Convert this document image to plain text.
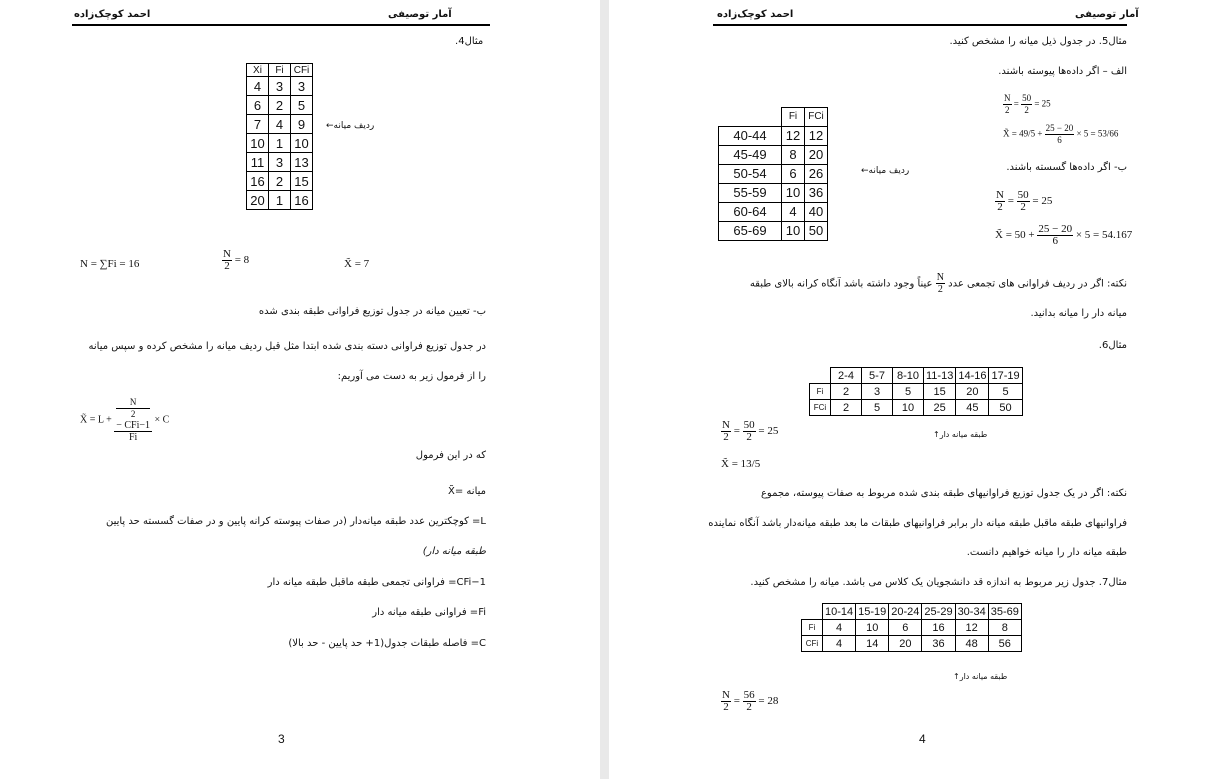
آمار توصیفی
احمد کوچک‌زاده
مثال4.
Xi	Fi	CFi
4	3	3
6	2	5
7	4	9
10	1	10
11	3	13
16	2	15
20	1	16
ردیف میانه←
N = ∑Fi = 16	$\frac{N}{2} = 8$	X̃ = 7
ب- تعیین میانه در جدول توزیع فراوانی طبقه بندی شده
در جدول توزیع فراوانی دسته بندی شده ابتدا مثل قبل ردیف میانه را مشخص کرده و سپس میانه
را از فرمول زیر به دست می آوریم:
X̃ = L + N
2
− CFi−1
Fi × C
که در این فرمول
میانه =X̃
L= کوچکترین عدد طبقه میانه‌دار (در صفات پیوسته کرانه پایین و در صفات گسسته حد پایین
طبقه میانه دار)
CFi−1= فراوانی تجمعی طبقه ماقبل طبقه میانه دار
Fi= فراوانی طبقه میانه دار
C= فاصله طبقات جدول(1+ حد پایین - حد بالا)
3
آمار توصیفی
احمد کوچک‌زاده
مثال5. در جدول ذیل میانه را مشخص کنید.
الف – اگر داده‌ها پیوسته باشند.
$\frac{N}{2} = \frac{50}{2} = 25$
X̃ = $49/5 + \frac{25 - 20}{6} \times 5 = 53/66$
ب- اگر داده‌ها گسسته باشند.
$\frac{N}{2} = \frac{50}{2} = 25$
X̃ = $50 + \frac{25 - 20}{6} \times 5 = 54.167$
	Fi	FCi
40-44	12	12
45-49	8	20
50-54	6	26
55-59	10	36
60-64	4	40
65-69	10	50
ردیف میانه←
نکته: اگر در ردیف فراوانی های تجمعی عدد
$\frac{N}{2}$
عیناً وجود داشته باشد آنگاه کرانه بالای طبقه
میانه دار را میانه بدانید.
مثال6.
	2-4	5-7	8-10	11-13	14-16	17-19
Fi	2	3	5	15	20	5
FCi	2	5	10	25	45	50
$\frac{N}{2} = \frac{50}{2} = 25$	طبقه میانه دار↑
X̃ = 13/5
نکته: اگر در یک جدول توزیع فراوانیهای طبقه بندی شده مربوط به صفات پیوسته، مجموع
فراوانیهای طبقه ماقبل طبقه میانه دار برابر فراوانیهای طبقات ما بعد طبقه میانه‌دار باشد آنگاه نماینده
طبقه میانه دار را میانه خواهیم دانست.
مثال7. جدول زیر مربوط به اندازه قد دانشجویان یک کلاس می باشد. میانه را مشخص کنید.
	10-14	15-19	20-24	25-29	30-34	35-69
Fi	4	10	6	16	12	8
CFi	4	14	20	36	48	56
طبقه میانه دار↑
$\frac{N}{2} = \frac{56}{2} = 28$
4
